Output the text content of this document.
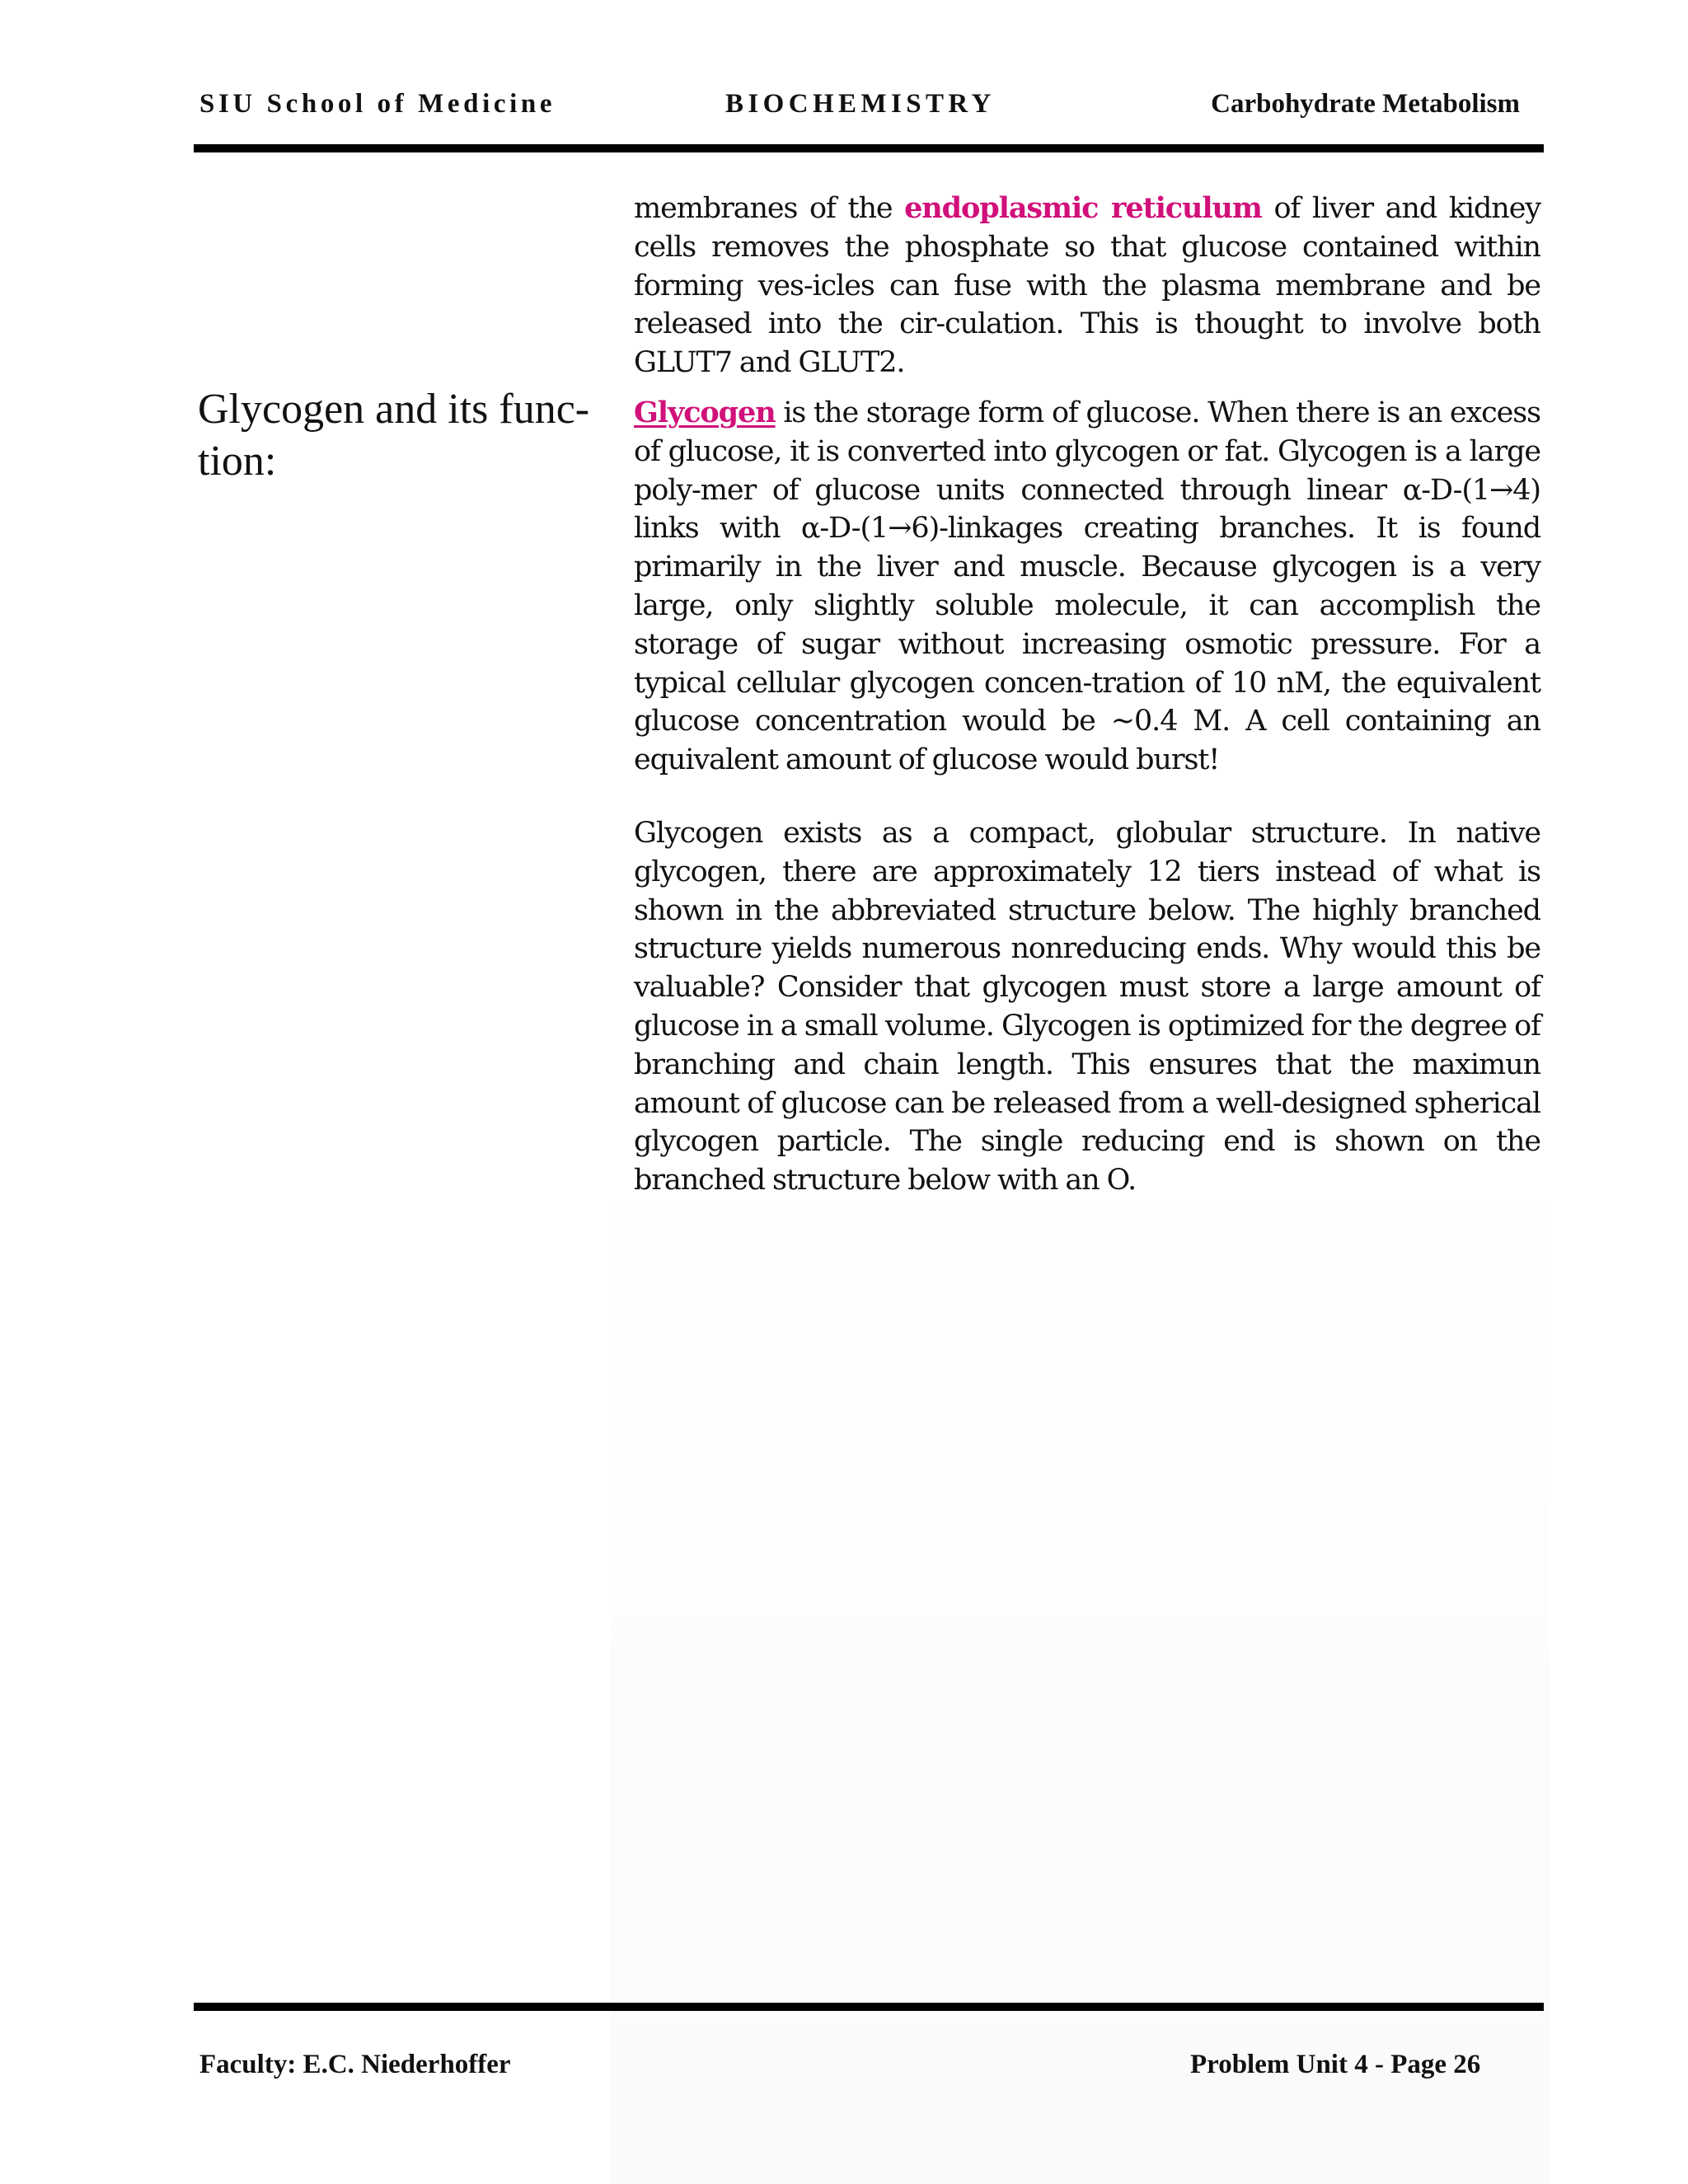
SIU School of Medicine	BIOCHEMISTRY	Carbohydrate Metabolism
Glycogen and its func-
tion:

membranes of the endoplasmic reticulum of liver and kidney cells removes the phosphate so that glucose contained within forming ves-icles can fuse with the plasma membrane and be released into the cir-culation. This is thought to involve both GLUT7 and GLUT2.

Glycogen is the storage form of glucose. When there is an excess of glucose, it is converted into glycogen or fat. Glycogen is a large poly-mer of glucose units connected through linear α-D-(1→4) links with α-D-(1→6)-linkages creating branches. It is found primarily in the liver and muscle. Because glycogen is a very large, only slightly soluble molecule, it can accomplish the storage of sugar without increasing osmotic pressure. For a typical cellular glycogen concen-tration of 10 nM, the equivalent glucose concentration would be ~0.4 M. A cell containing an equivalent amount of glucose would burst!

Glycogen exists as a compact, globular structure. In native glycogen, there are approximately 12 tiers instead of what is shown in the abbreviated structure below. The highly branched structure yields numerous nonreducing ends. Why would this be valuable? Consider that glycogen must store a large amount of glucose in a small volume. Glycogen is optimized for the degree of branching and chain length. This ensures that the maximun amount of glucose can be released from a well-designed spherical glycogen particle. The single reducing end is shown on the branched structure below with an O.

Faculty: E.C. Niederhoffer	Problem Unit 4 - Page 26
